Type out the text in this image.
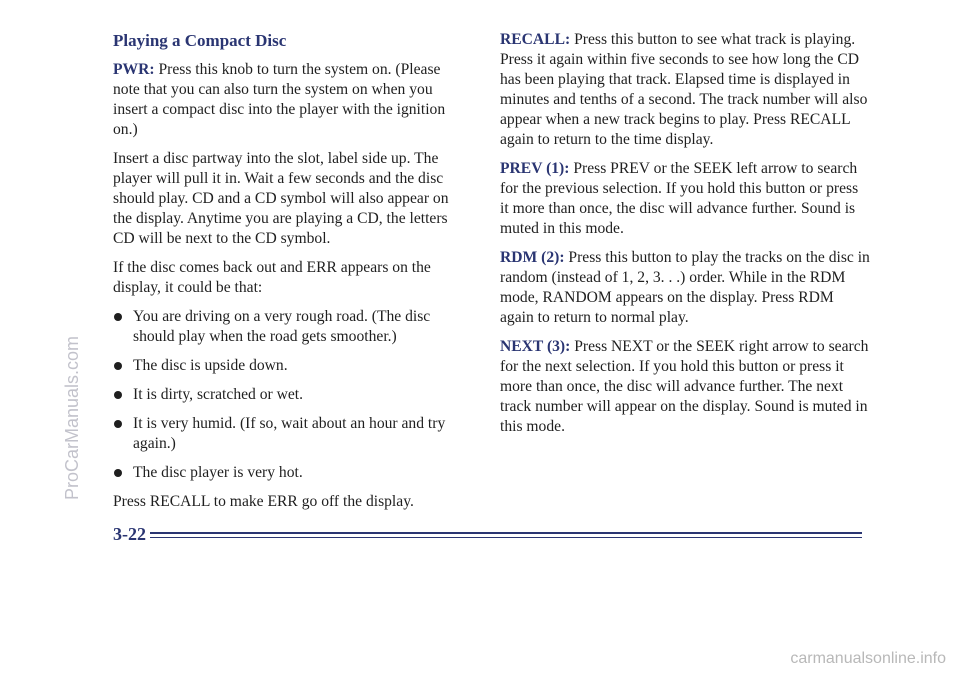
Playing a Compact Disc

PWR: Press this knob to turn the system on. (Please note that you can also turn the system on when you insert a compact disc into the player with the ignition on.)

Insert a disc partway into the slot, label side up. The player will pull it in. Wait a few seconds and the disc should play. CD and a CD symbol will also appear on the display. Anytime you are playing a CD, the letters CD will be next to the CD symbol.

If the disc comes back out and ERR appears on the display, it could be that:

You are driving on a very rough road. (The disc should play when the road gets smoother.)
The disc is upside down.
It is dirty, scratched or wet.
It is very humid. (If so, wait about an hour and try again.)
The disc player is very hot.

Press RECALL to make ERR go off the display.

RECALL: Press this button to see what track is playing. Press it again within five seconds to see how long the CD has been playing that track. Elapsed time is displayed in minutes and tenths of a second. The track number will also appear when a new track begins to play. Press RECALL again to return to the time display.

PREV (1): Press PREV or the SEEK left arrow to search for the previous selection. If you hold this button or press it more than once, the disc will advance further. Sound is muted in this mode.

RDM (2): Press this button to play the tracks on the disc in random (instead of 1, 2, 3. . .) order. While in the RDM mode, RANDOM appears on the display. Press RDM again to return to normal play.

NEXT (3): Press NEXT or the SEEK right arrow to search for the next selection. If you hold this button or press it more than once, the disc will advance further. The next track number will appear on the display. Sound is muted in this mode.

3-22
ProCarManuals.com
carmanualsonline.info
